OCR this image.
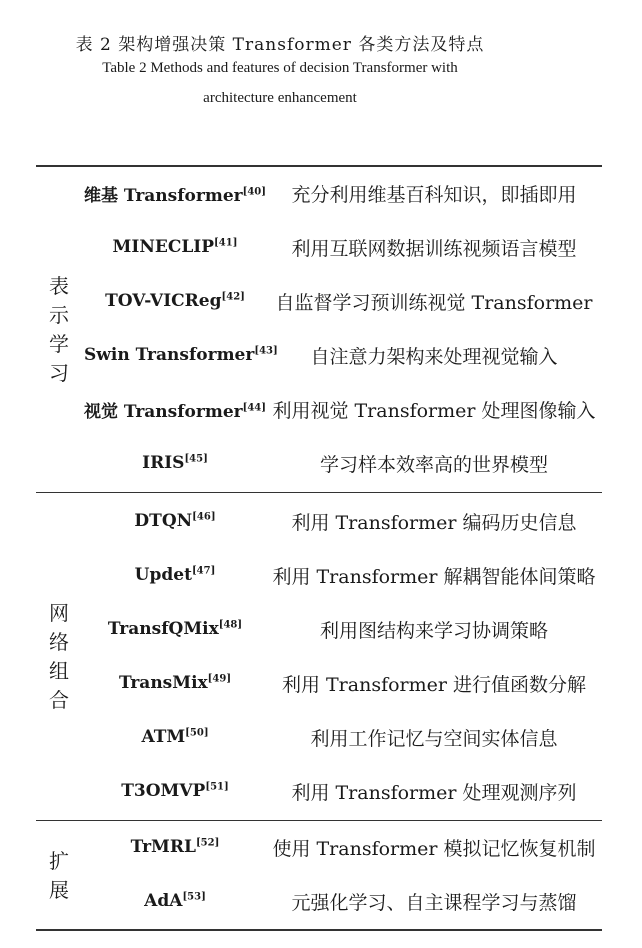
表 2 架构增强决策 Transformer 各类方法及特点
Table 2 Methods and features of decision Transformer with
architecture enhancement
表
示
学
习
维基 Transformer[40]	充分利用维基百科知识，即插即用
MINECLIP[41]	利用互联网数据训练视频语言模型
TOV-VICReg[42]	自监督学习预训练视觉 Transformer
Swin Transformer[43]	自注意力架构来处理视觉输入
视觉 Transformer[44] 利用视觉 Transformer 处理图像输入
IRIS[45]	学习样本效率高的世界模型
网
络
组
合
DTQN[46]	利用 Transformer 编码历史信息
Updet[47]	利用 Transformer 解耦智能体间策略
TransfQMix[48]	利用图结构来学习协调策略
TransMix[49]	利用 Transformer 进行值函数分解
ATM[50]	利用工作记忆与空间实体信息
T3OMVP[51]	利用 Transformer 处理观测序列
扩
展
TrMRL[52]	使用 Transformer 模拟记忆恢复机制
AdA[53]	元强化学习、自主课程学习与蒸馏
